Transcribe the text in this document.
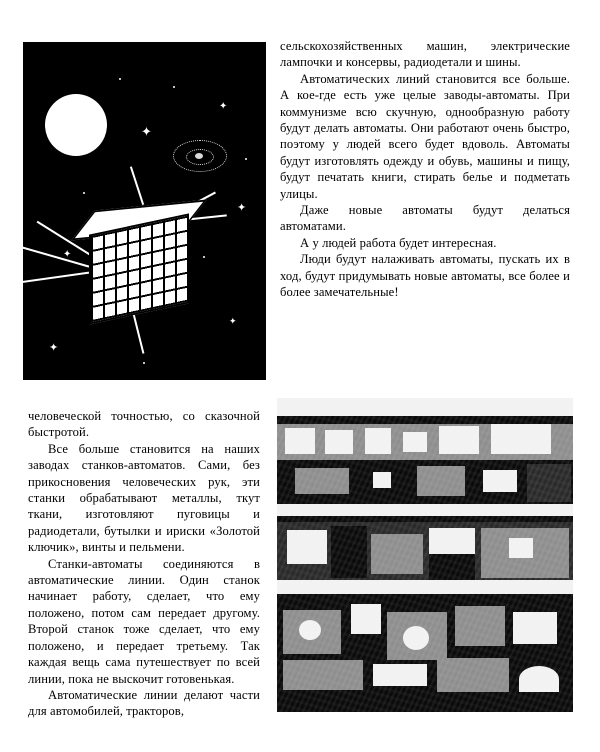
✦
✦
✦
✦
✦
✦

сельскохозяйственных машин, электрические лампочки и консервы, радиодетали и шины.

Автоматических линий становится все больше. А кое-где есть уже целые заводы-автоматы. При коммунизме всю скучную, однообразную работу будут делать автоматы. Они работают очень быстро, поэтому у людей всего будет вдоволь. Автоматы будут изготовлять одежду и обувь, машины и пищу, будут печатать книги, стирать белье и подметать улицы.

Даже новые автоматы будут делаться автоматами.

А у людей работа будет интересная.

Люди будут налаживать автоматы, пускать их в ход, будут придумывать новые автоматы, все более и более замечательные!

человеческой точностью, со сказочной быстротой.

Все больше становится на наших заводах станков-автоматов. Сами, без прикосновения человеческих рук, эти станки обрабатывают металлы, ткут ткани, изготовляют пуговицы и радиодетали, бутылки и ириски «Золотой ключик», винты и пельмени.

Станки-автоматы соединяются в автоматические линии. Один станок начинает работу, сделает, что ему положено, потом сам передает другому. Второй станок тоже сделает, что ему положено, и передает третьему. Так каждая вещь сама путешествует по всей линии, пока не выскочит готовенькая.

Автоматические линии делают части для автомобилей, тракторов,
